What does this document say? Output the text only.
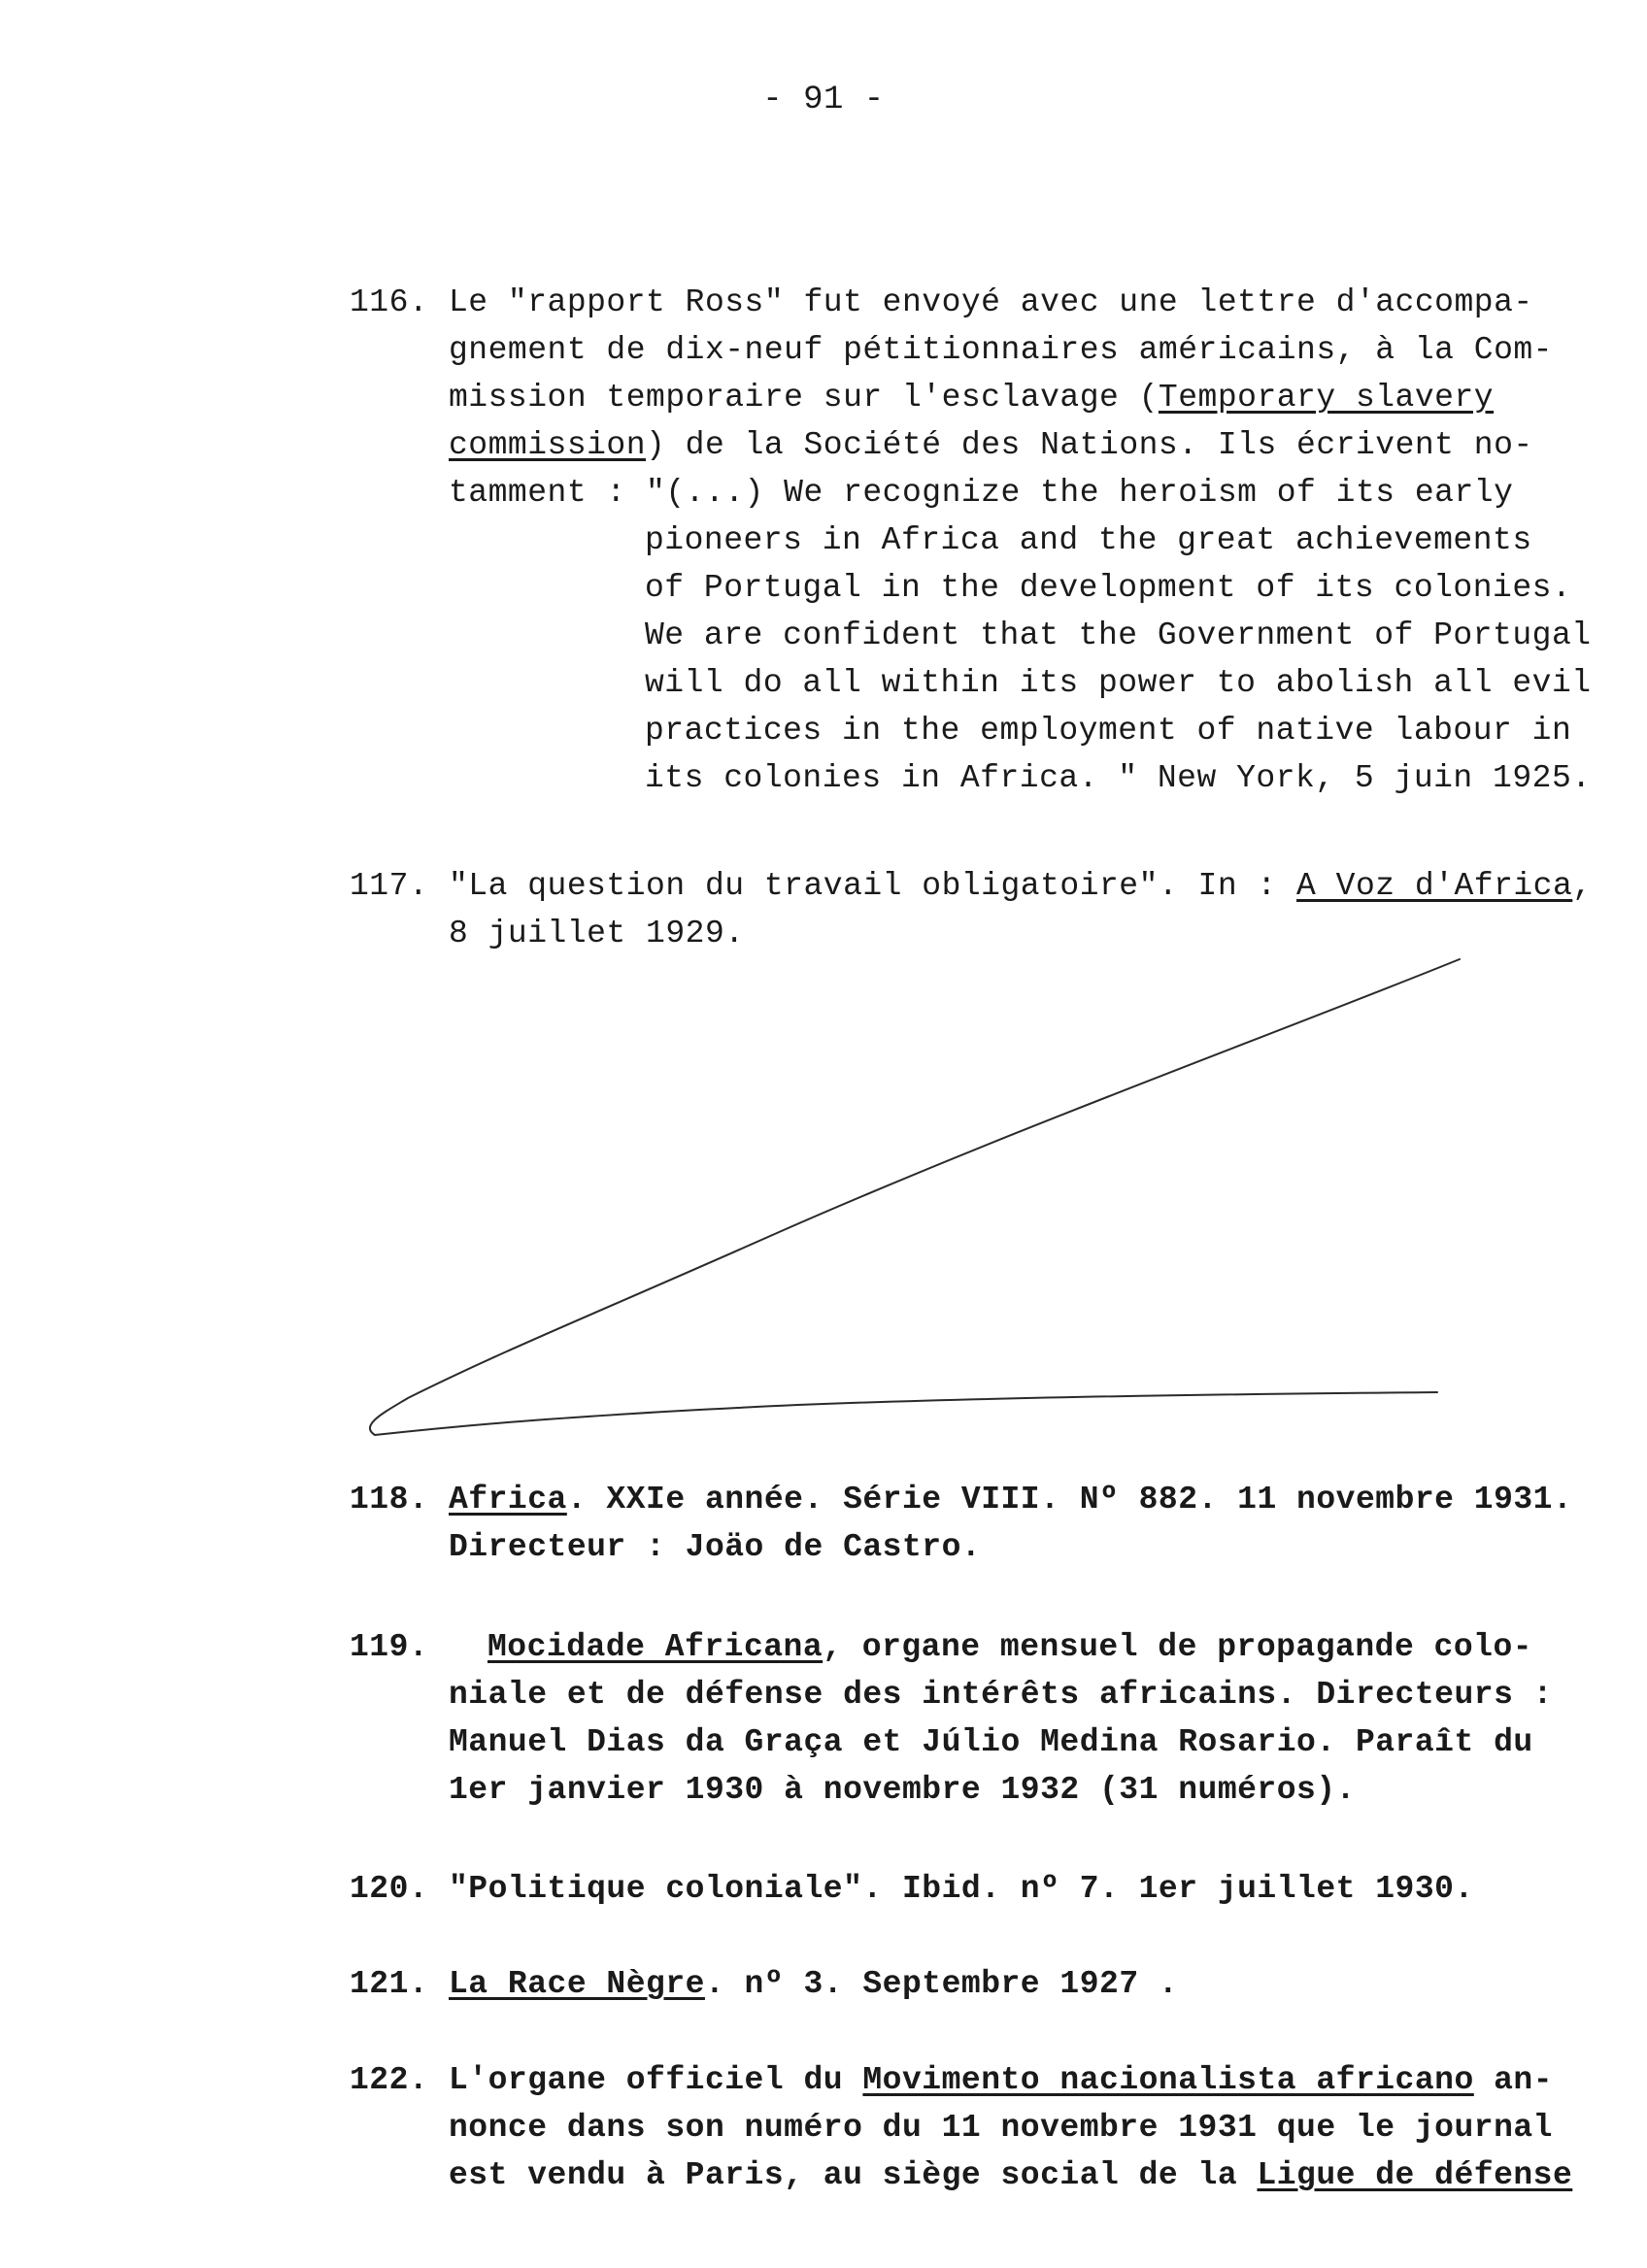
- 91 -
116. Le "rapport Ross" fut envoyé avec une lettre d'accompa-
gnement de dix-neuf pétitionnaires américains, à la Com-
mission temporaire sur l'esclavage (Temporary slavery
commission) de la Société des Nations. Ils écrivent no-
tamment : "(...) We recognize the heroism of its early
pioneers in Africa and the great achievements
of Portugal in the development of its colonies.
We are confident that the Government of Portugal
will do all within its power to abolish all evil
practices in the employment of native labour in
its colonies in Africa. " New York, 5 juin 1925.
117. "La question du travail obligatoire". In : A Voz d'Africa,
8 juillet 1929.
118. Africa. XXIe année. Série VIII. Nº 882. 11 novembre 1931.
Directeur : Joäo de Castro.
119.	Mocidade Africana, organe mensuel de propagande colo-
niale et de défense des intérêts africains. Directeurs :
Manuel Dias da Graça et Júlio Medina Rosario. Paraît du
1er janvier 1930 à novembre 1932 (31 numéros).
120. "Politique coloniale". Ibid. nº 7. 1er juillet 1930.
121. La Race Nègre. nº 3. Septembre 1927 .
122. L'organe officiel du Movimento nacionalista africano an-
nonce dans son numéro du 11 novembre 1931 que le journal
est vendu à Paris, au siège social de la Ligue de défense
